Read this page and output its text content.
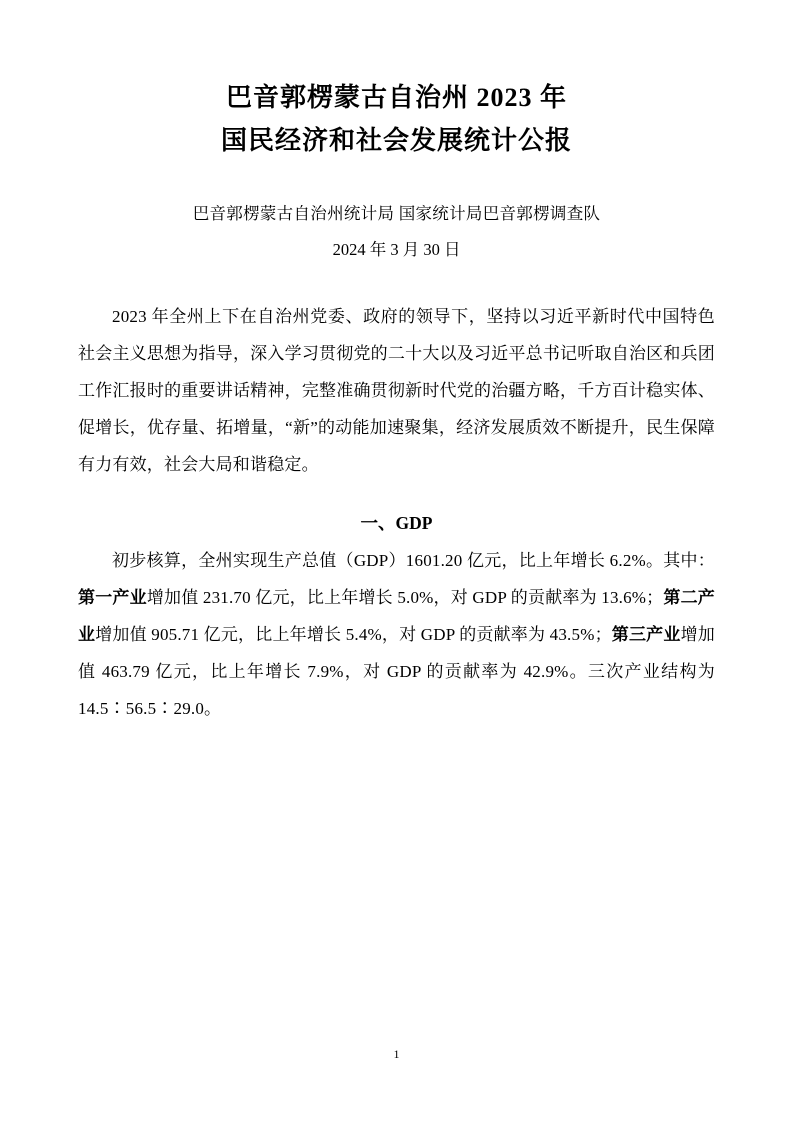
巴音郭楞蒙古自治州 2023 年
国民经济和社会发展统计公报
巴音郭楞蒙古自治州统计局 国家统计局巴音郭楞调查队
2024 年 3 月 30 日

2023 年全州上下在自治州党委、政府的领导下，坚持以习近平新时代中国特色社会主义思想为指导，深入学习贯彻党的二十大以及习近平总书记听取自治区和兵团工作汇报时的重要讲话精神，完整准确贯彻新时代党的治疆方略，千方百计稳实体、促增长，优存量、拓增量，“新”的动能加速聚集，经济发展质效不断提升，民生保障有力有效，社会大局和谐稳定。

一、GDP

初步核算，全州实现生产总值（GDP）1601.20 亿元，比上年增长 6.2%。其中：第一产业增加值 231.70 亿元，比上年增长 5.0%，对 GDP 的贡献率为 13.6%；第二产业增加值 905.71 亿元，比上年增长 5.4%，对 GDP 的贡献率为 43.5%；第三产业增加值 463.79 亿元，比上年增长 7.9%，对 GDP 的贡献率为 42.9%。三次产业结构为 14.5∶56.5∶29.0。

1
